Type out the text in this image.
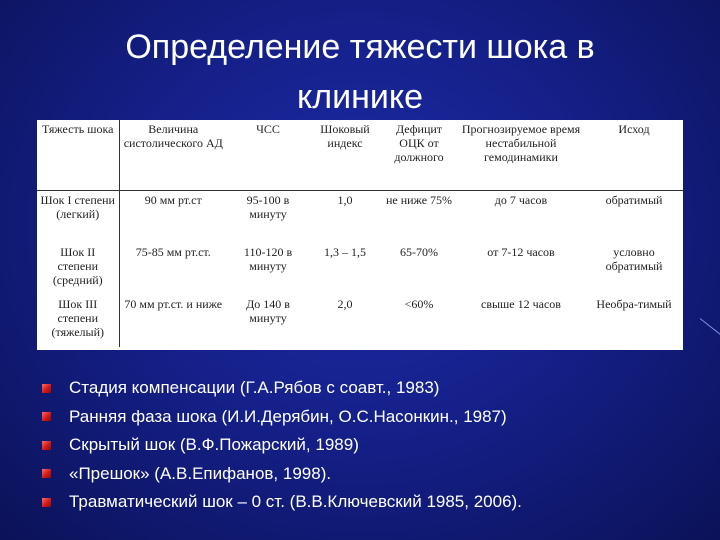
Определение тяжести шока в
клинике
Тяжесть шока	Величина систолического АД	ЧСС	Шоковый индекс	Дефицит ОЦК от должного	Прогнозируемое время нестабильной гемодинамики	Исход
Шок I степени (легкий)	90 мм рт.ст	95-100 в минуту	1,0	не ниже 75%	до 7 часов	обратимый
Шок II степени (средний)	75-85 мм рт.ст.	110-120 в минуту	1,3 – 1,5	65-70%	от 7-12 часов	условно обратимый
Шок III степени (тяжелый)	70 мм рт.ст. и ниже	До 140 в минуту	2,0	<60%	свыше 12 часов	Необра-тимый
Стадия компенсации (Г.А.Рябов с соавт., 1983)
Ранняя фаза шока (И.И.Дерябин, О.С.Насонкин., 1987)
Скрытый шок (В.Ф.Пожарский, 1989)
«Прешок» (А.В.Епифанов, 1998).
Травматический шок – 0 ст. (В.В.Ключевский 1985, 2006).
